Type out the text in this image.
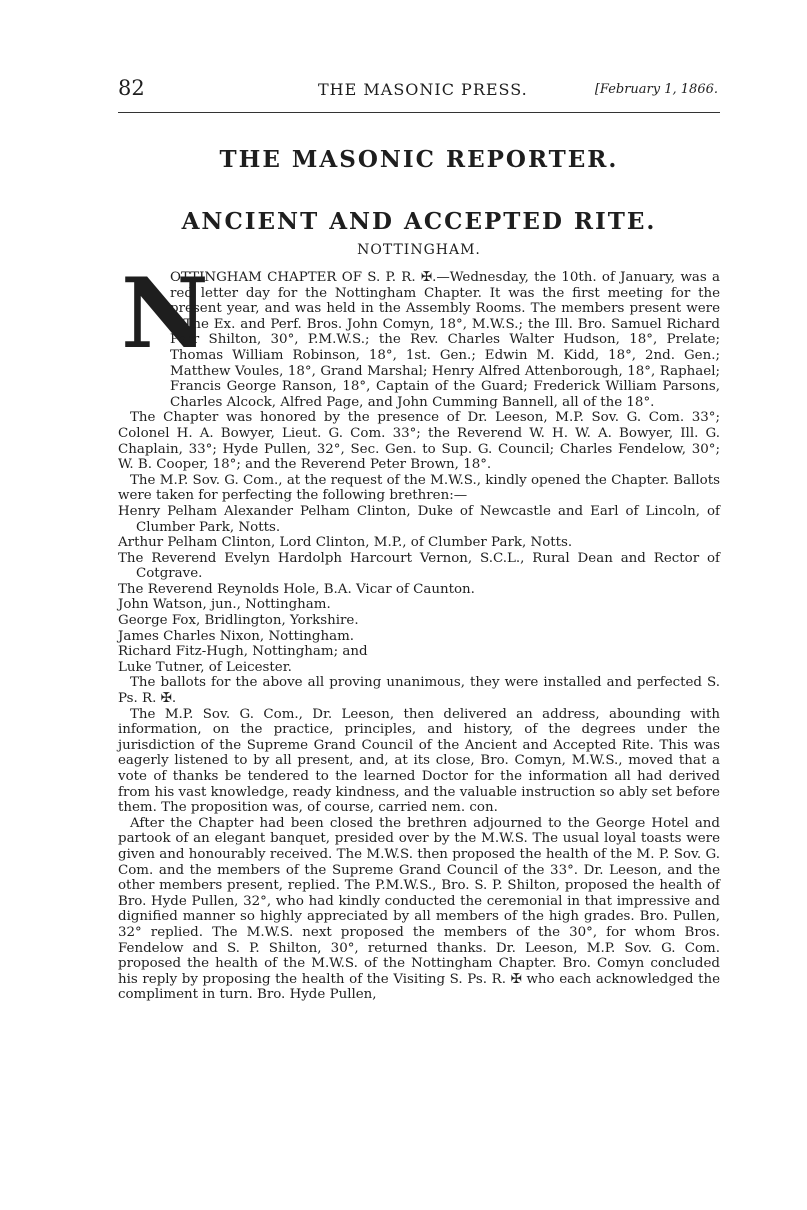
82	THE MASONIC PRESS.	[February 1, 1866.
THE MASONIC REPORTER.
ANCIENT AND ACCEPTED RITE.
NOTTINGHAM.
N

OTTINGHAM CHAPTER OF S. P. R. ✠.—Wednesday, the 10th. of January, was a red letter day for the Nottingham Chapter. It was the first meeting for the present year, and was held in the Assembly Rooms. The members present were—The Ex. and Perf. Bros. John Comyn, 18°, M.W.S.; the Ill. Bro. Samuel Richard Parr Shilton, 30°, P.M.W.S.; the Rev. Charles Walter Hudson, 18°, Prelate; Thomas William Robinson, 18°, 1st. Gen.; Edwin M. Kidd, 18°, 2nd. Gen.; Matthew Voules, 18°, Grand Marshal; Henry Alfred Attenborough, 18°, Raphael; Francis George Ranson, 18°, Captain of the Guard; Frederick William Parsons, Charles Alcock, Alfred Page, and John Cumming Bannell, all of the 18°.

The Chapter was honored by the presence of Dr. Leeson, M.P. Sov. G. Com. 33°; Colonel H. A. Bowyer, Lieut. G. Com. 33°; the Reverend W. H. W. A. Bowyer, Ill. G. Chaplain, 33°; Hyde Pullen, 32°, Sec. Gen. to Sup. G. Council; Charles Fendelow, 30°; W. B. Cooper, 18°; and the Reverend Peter Brown, 18°.

The M.P. Sov. G. Com., at the request of the M.W.S., kindly opened the Chapter. Ballots were taken for perfecting the following brethren:—

Henry Pelham Alexander Pelham Clinton, Duke of Newcastle and Earl of Lincoln, of Clumber Park, Notts.

Arthur Pelham Clinton, Lord Clinton, M.P., of Clumber Park, Notts.

The Reverend Evelyn Hardolph Harcourt Vernon, S.C.L., Rural Dean and Rector of Cotgrave.

The Reverend Reynolds Hole, B.A. Vicar of Caunton.

John Watson, jun., Nottingham.

George Fox, Bridlington, Yorkshire.

James Charles Nixon, Nottingham.

Richard Fitz-Hugh, Nottingham; and

Luke Tutner, of Leicester.

The ballots for the above all proving unanimous, they were installed and perfected S. Ps. R. ✠.

The M.P. Sov. G. Com., Dr. Leeson, then delivered an address, abounding with information, on the practice, principles, and history, of the degrees under the jurisdiction of the Supreme Grand Council of the Ancient and Accepted Rite. This was eagerly listened to by all present, and, at its close, Bro. Comyn, M.W.S., moved that a vote of thanks be tendered to the learned Doctor for the information all had derived from his vast knowledge, ready kindness, and the valuable instruction so ably set before them. The proposition was, of course, carried nem. con.

After the Chapter had been closed the brethren adjourned to the George Hotel and partook of an elegant banquet, presided over by the M.W.S. The usual loyal toasts were given and honourably received. The M.W.S. then proposed the health of the M. P. Sov. G. Com. and the members of the Supreme Grand Council of the 33°. Dr. Leeson, and the other members present, replied. The P.M.W.S., Bro. S. P. Shilton, proposed the health of Bro. Hyde Pullen, 32°, who had kindly conducted the ceremonial in that impressive and dignified manner so highly appreciated by all members of the high grades. Bro. Pullen, 32° replied. The M.W.S. next proposed the members of the 30°, for whom Bros. Fendelow and S. P. Shilton, 30°, returned thanks. Dr. Leeson, M.P. Sov. G. Com. proposed the health of the M.W.S. of the Nottingham Chapter. Bro. Comyn concluded his reply by proposing the health of the Visiting S. Ps. R. ✠ who each acknowledged the compliment in turn. Bro. Hyde Pullen,
